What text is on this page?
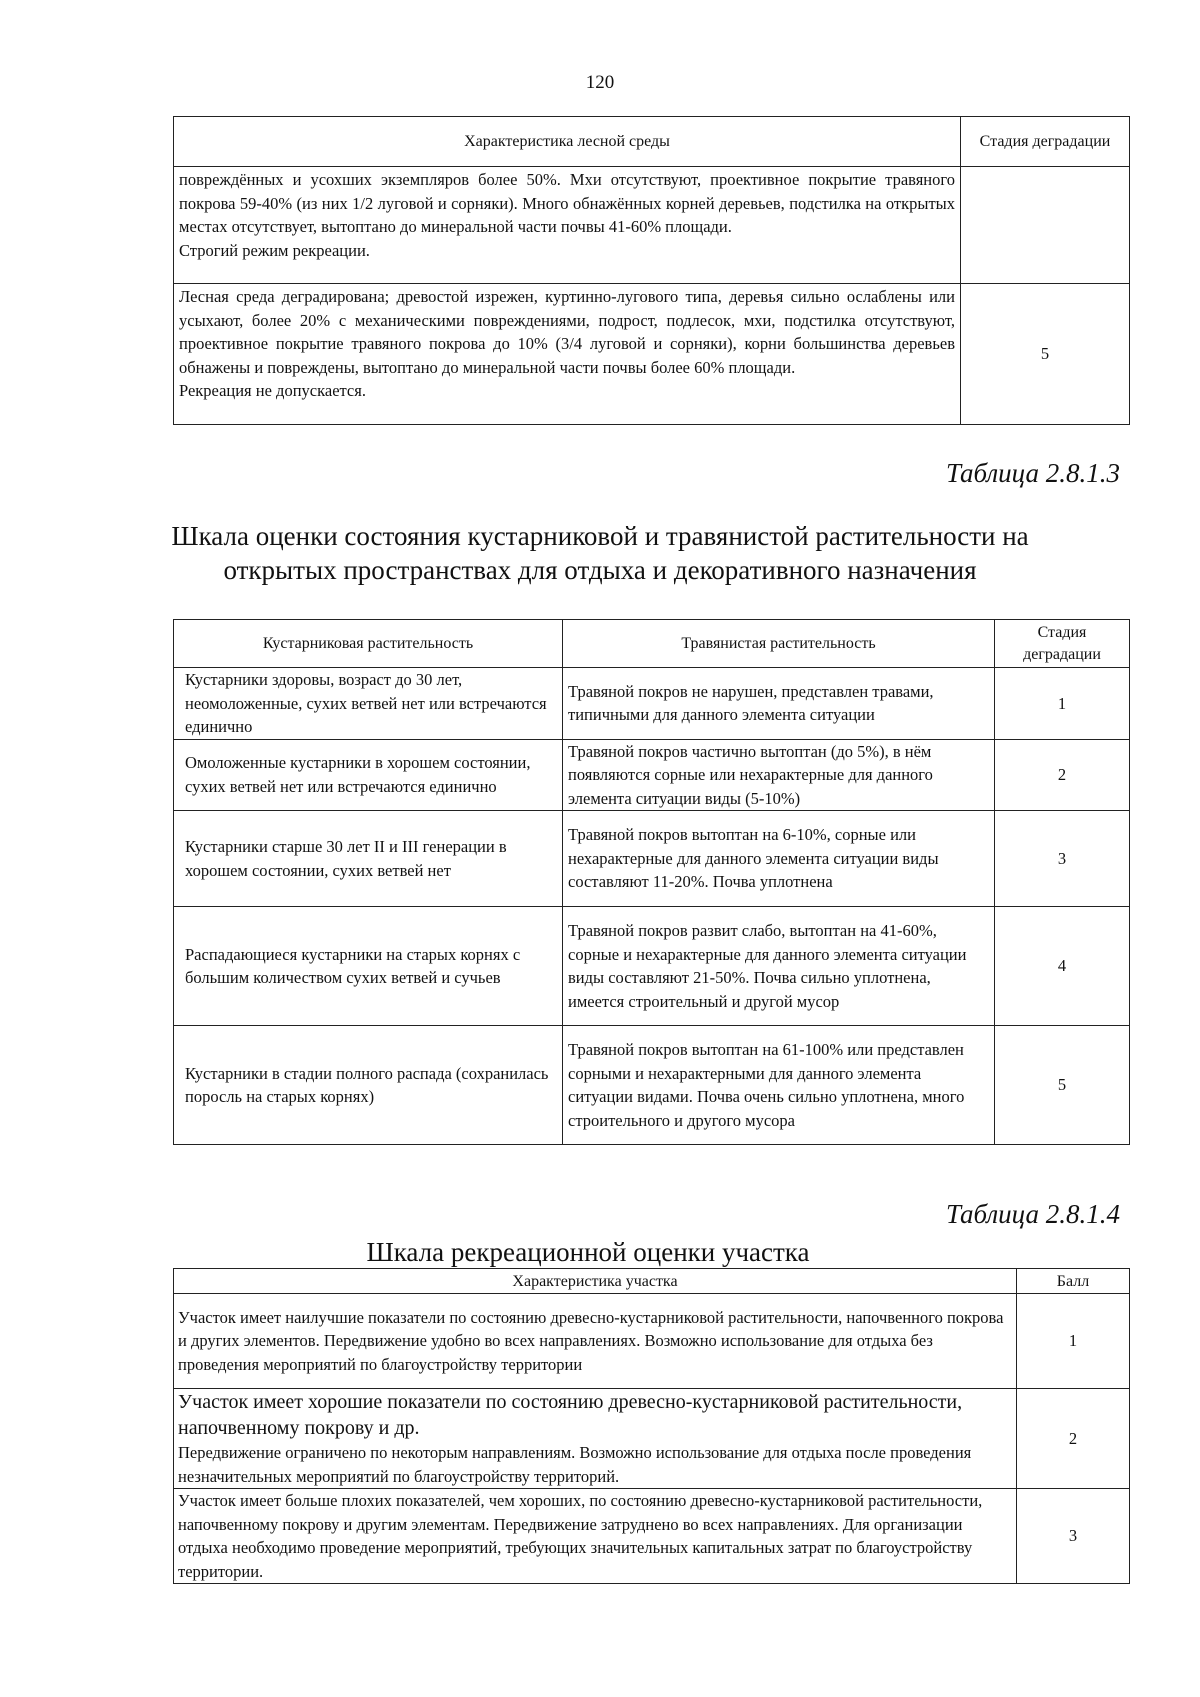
120
Характеристика лесной среды	Стадия деградации

повреждённых и усохших экземпляров более 50%. Мхи отсутствуют, проективное покрытие травяного покрова 59-40% (из них 1/2 луговой и сорняки). Много обнажённых корней деревьев, подстилка на открытых местах отсутствует, вытоптано до минеральной части почвы 41-60% площади.
Строгий режим рекреации.	

Лесная среда деградирована; древостой изрежен, куртинно-лугового типа, деревья сильно ослаблены или усыхают, более 20% с механическими повреждениями, подрост, подлесок, мхи, подстилка отсутствуют, проективное покрытие травяного покрова до 10% (3/4 луговой и сорняки), корни большинства деревьев обнажены и повреждены, вытоптано до минеральной части почвы более 60% площади.
Рекреация не допускается.	5
Таблица 2.8.1.3
Шкала оценки состояния кустарниковой и травянистой растительности на
открытых пространствах для отдыха и декоративного назначения
Кустарниковая растительность	Травянистая растительность	Стадия деградации
Кустарники здоровы, возраст до 30 лет, неомоложенные, сухих ветвей нет или встречаются единично	Травяной покров не нарушен, представлен травами, типичными для данного элемента ситуации	1
Омоложенные кустарники в хорошем состоянии, сухих ветвей нет или встречаются единично	Травяной покров частично вытоптан (до 5%), в нём появляются сорные или нехарактерные для данного элемента ситуации виды (5-10%)	2
Кустарники старше 30 лет II и III генерации в хорошем состоянии, сухих ветвей нет	Травяной покров вытоптан на 6-10%, сорные или нехарактерные для данного элемента ситуации виды составляют 11-20%. Почва уплотнена	3
Распадающиеся кустарники на старых корнях с большим количеством сухих ветвей и сучьев	Травяной покров развит слабо, вытоптан на 41-60%, сорные и нехарактерные для данного элемента ситуации виды составляют 21-50%. Почва сильно уплотнена, имеется строительный и другой мусор	4
Кустарники в стадии полного распада (сохранилась поросль на старых корнях)	Травяной покров вытоптан на 61-100% или представлен сорными и нехарактерными для данного элемента ситуации видами. Почва очень сильно уплотнена, много строительного и другого мусора	5
Таблица 2.8.1.4
Шкала рекреационной оценки участка
Характеристика участка	Балл
Участок имеет наилучшие показатели по состоянию древесно-кустарниковой растительности, напочвенного покрова и других элементов. Передвижение удобно во всех направлениях. Возможно использование для отдыха без проведения мероприятий по благоустройству территории	1

Участок имеет хорошие показатели по состоянию древесно-кустарниковой растительности, напочвенному покрову и др.
Передвижение ограничено по некоторым направлениям. Возможно использование для отдыха после проведения незначительных мероприятий по благоустройству территорий.	2
Участок имеет больше плохих показателей, чем хороших, по состоянию древесно-кустарниковой растительности, напочвенному покрову и другим элементам. Передвижение затруднено во всех направлениях. Для организации отдыха необходимо проведение мероприятий, требующих значительных капитальных затрат по благоустройству территории.	3
